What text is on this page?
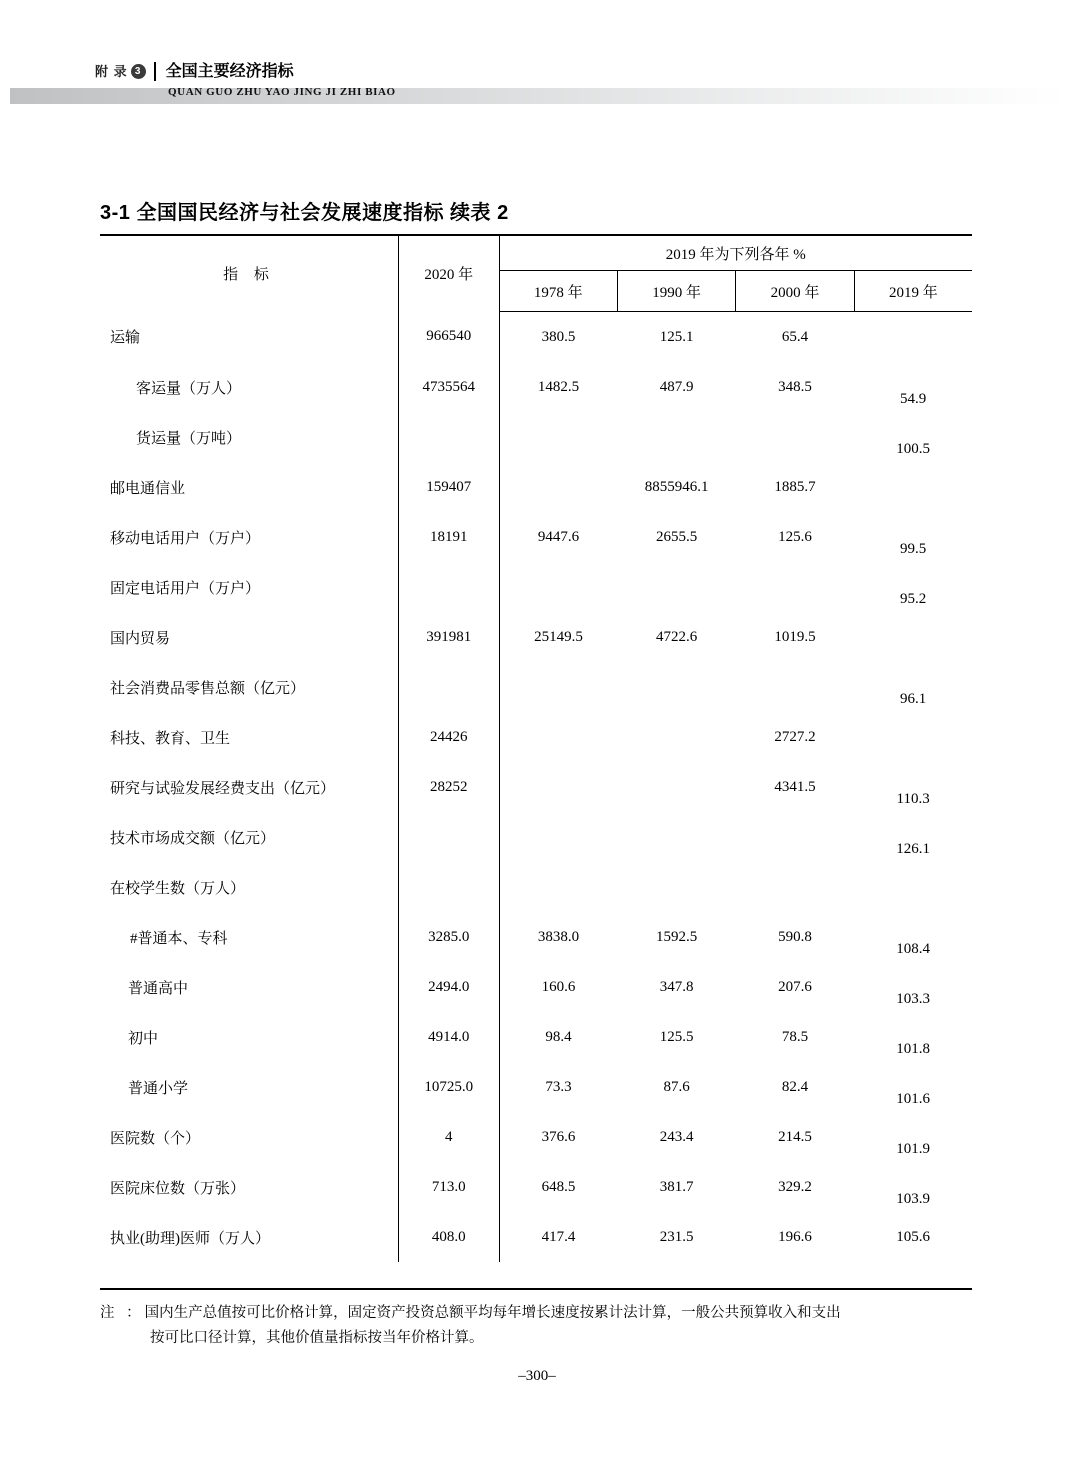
附 录 3 全国主要经济指标
QUAN GUO ZHU YAO JING JI ZHI BIAO
3-1 全国国民经济与社会发展速度指标 续表 2
指 标	2020 年	2019 年为下列各年 %			
		1978 年	1990 年	2000 年	2019 年
运输	966540	380.5	125.1	65.4	
客运量（万人）	4735564	1482.5	487.9	348.5	54.9
货运量（万吨）					100.5
邮电通信业	159407		8855946.1	1885.7	
移动电话用户（万户）	18191	9447.6	2655.5	125.6	99.5
固定电话用户（万户）					95.2
国内贸易	391981	25149.5	4722.6	1019.5	
社会消费品零售总额（亿元）					96.1
科技、教育、卫生	24426			2727.2	
研究与试验发展经费支出（亿元）	28252			4341.5	110.3
技术市场成交额（亿元）					126.1
在校学生数（万人）					
#普通本、专科	3285.0	3838.0	1592.5	590.8	108.4
普通高中	2494.0	160.6	347.8	207.6	103.3
初中	4914.0	98.4	125.5	78.5	101.8
普通小学	10725.0	73.3	87.6	82.4	101.6
医院数（个）	4	376.6	243.4	214.5	101.9
医院床位数（万张）	713.0	648.5	381.7	329.2	103.9
执业(助理)医师（万人）	408.0	417.4	231.5	196.6	105.6
注 ：国内生产总值按可比价格计算，固定资产投资总额平均每年增长速度按累计法计算，一般公共预算收入和支出
按可比口径计算，其他价值量指标按当年价格计算。
–300–
